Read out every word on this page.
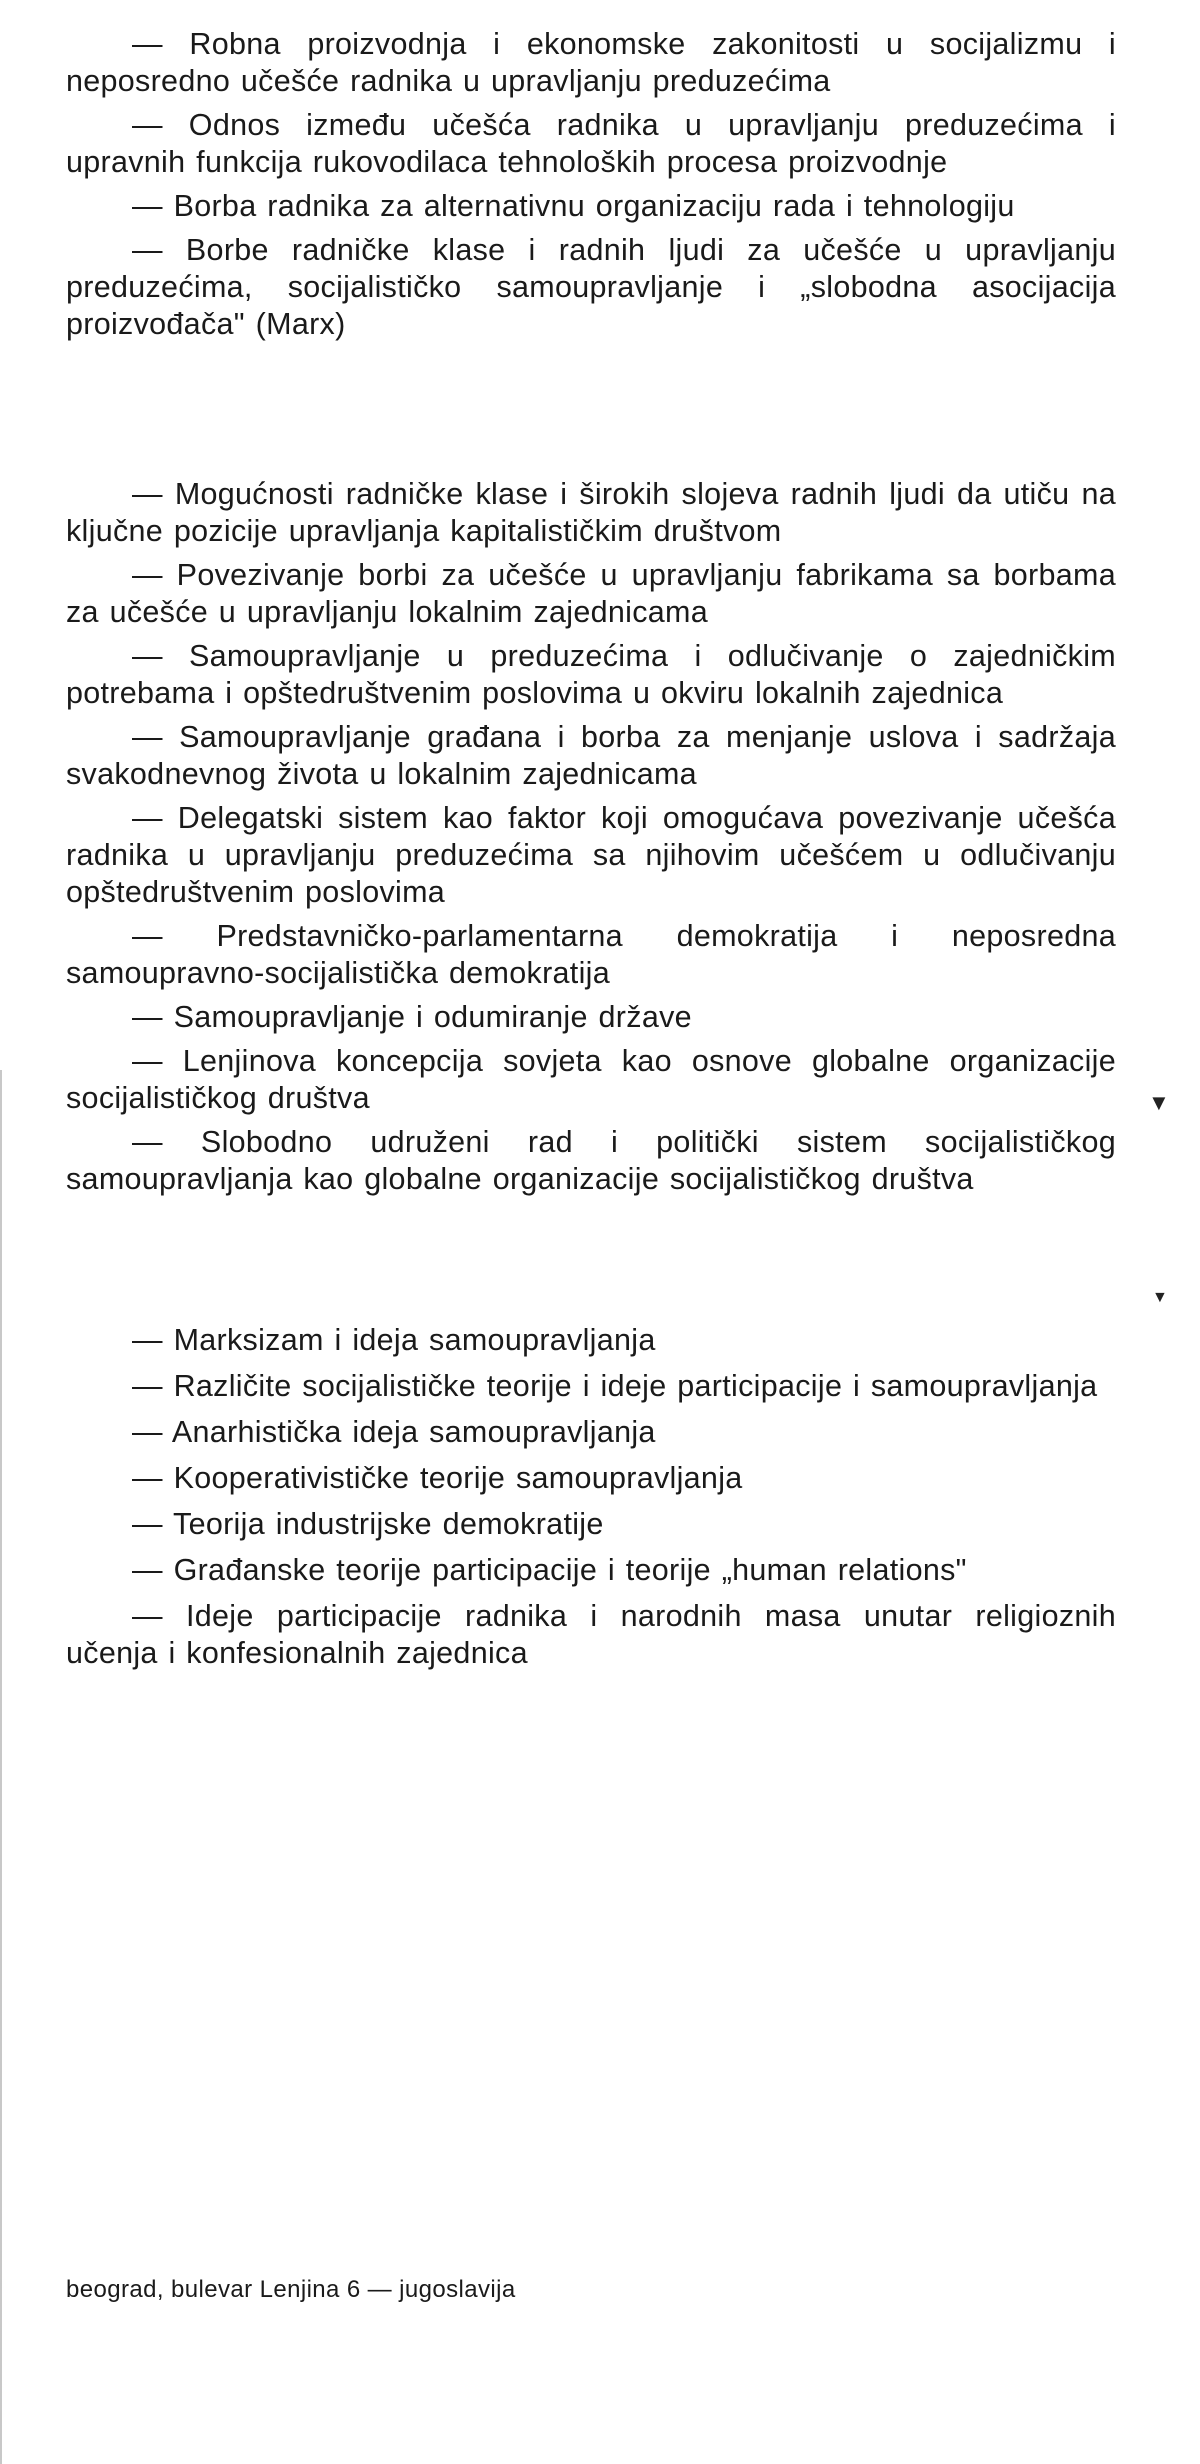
— Robna proizvodnja i ekonomske zakonitosti u socijalizmu i neposredno učešće radnika u upravljanju preduzećima

— Odnos između učešća radnika u upravljanju preduzećima i upravnih funkcija rukovodilaca tehnoloških procesa proizvodnje

— Borba radnika za alternativnu organizaciju rada i tehnologiju

— Borbe radničke klase i radnih ljudi za učešće u upravljanju preduzećima, socijalističko samoupravljanje i „slobodna asocijacija proizvođača" (Marx)

— Mogućnosti radničke klase i širokih slojeva radnih ljudi da utiču na ključne pozicije upravljanja kapitalističkim društvom

— Povezivanje borbi za učešće u upravljanju fabrikama sa borbama za učešće u upravljanju lokalnim zajednicama

— Samoupravljanje u preduzećima i odlučivanje o zajedničkim potrebama i opštedruštvenim poslovima u okviru lokalnih zajednica

— Samoupravljanje građana i borba za menjanje uslova i sadržaja svakodnevnog života u lokalnim zajednicama

— Delegatski sistem kao faktor koji omogućava povezivanje učešća radnika u upravljanju preduzećima sa njihovim učešćem u odlučivanju opštedruštvenim poslovima

— Predstavničko-parlamentarna demokratija i neposredna samoupravno-socijalistička demokratija

— Samoupravljanje i odumiranje države

— Lenjinova koncepcija sovjeta kao osnove globalne organizacije socijalističkog društva

— Slobodno udruženi rad i politički sistem socijalističkog samoupravljanja kao globalne organizacije socijalističkog društva

— Marksizam i ideja samoupravljanja

— Različite socijalističke teorije i ideje participacije i samoupravljanja

— Anarhistička ideja samoupravljanja

— Kooperativističke teorije samoupravljanja

— Teorija industrijske demokratije

— Građanske teorije participacije i teorije „human relations"

— Ideje participacije radnika i narodnih masa unutar religioznih učenja i konfesionalnih zajednica

beograd, bulevar Lenjina 6 — jugoslavija
▼
▼
